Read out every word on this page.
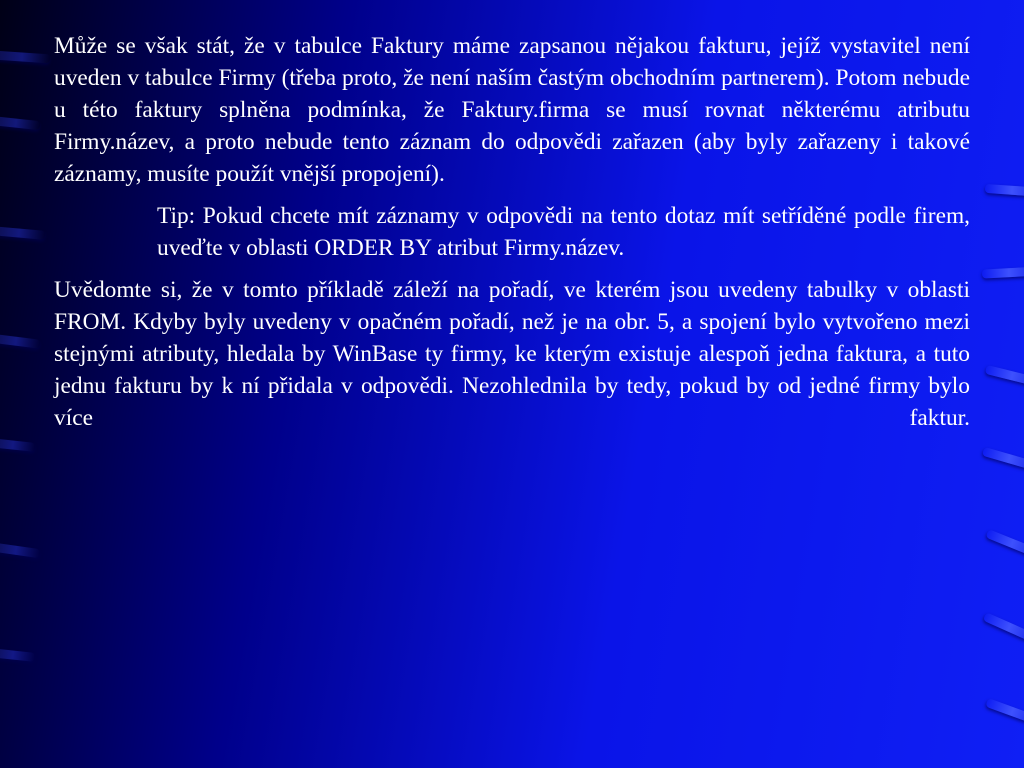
Může se však stát, že v tabulce Faktury máme zapsanou nějakou fakturu, jejíž vystavitel není uveden v tabulce Firmy (třeba proto, že není naším častým obchodním partnerem). Potom nebude u této faktury splněna podmínka, že Faktury.firma se musí rovnat některému atributu Firmy.název, a proto nebude tento záznam do odpovědi zařazen (aby byly zařazeny i takové záznamy, musíte použít vnější propojení).

Tip: Pokud chcete mít záznamy v odpovědi na tento dotaz mít setříděné podle firem, uveďte v oblasti ORDER BY atribut Firmy.název.

Uvědomte si, že v tomto příkladě záleží na pořadí, ve kterém jsou uvedeny tabulky v oblasti FROM. Kdyby byly uvedeny v opačném pořadí, než je na obr. 5, a spojení bylo vytvořeno mezi stejnými atributy, hledala by WinBase ty firmy, ke kterým existuje alespoň jedna faktura, a tuto jednu fakturu by k ní přidala v odpovědi. Nezohlednila by tedy, pokud by od jedné firmy bylo více faktur.
